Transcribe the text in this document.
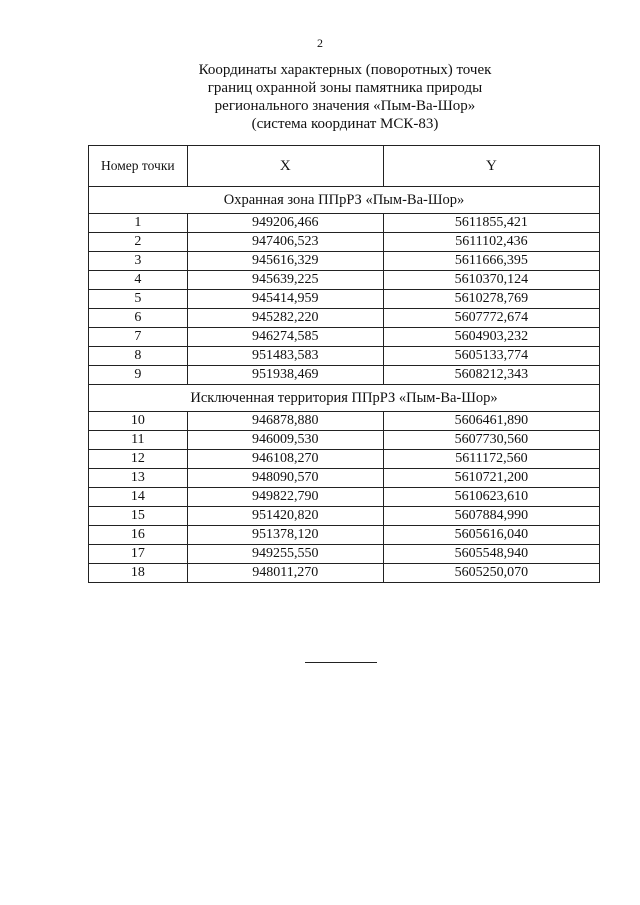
2
Координаты характерных (поворотных) точек
границ охранной зоны памятника природы
регионального значения «Пым-Ва-Шор»
(система координат МСК-83)
Номер точки	X	Y
Охранная зона ППрРЗ «Пым-Ва-Шор»		
1	949206,466	5611855,421
2	947406,523	5611102,436
3	945616,329	5611666,395
4	945639,225	5610370,124
5	945414,959	5610278,769
6	945282,220	5607772,674
7	946274,585	5604903,232
8	951483,583	5605133,774
9	951938,469	5608212,343
Исключенная территория ППрРЗ «Пым-Ва-Шор»		
10	946878,880	5606461,890
11	946009,530	5607730,560
12	946108,270	5611172,560
13	948090,570	5610721,200
14	949822,790	5610623,610
15	951420,820	5607884,990
16	951378,120	5605616,040
17	949255,550	5605548,940
18	948011,270	5605250,070
